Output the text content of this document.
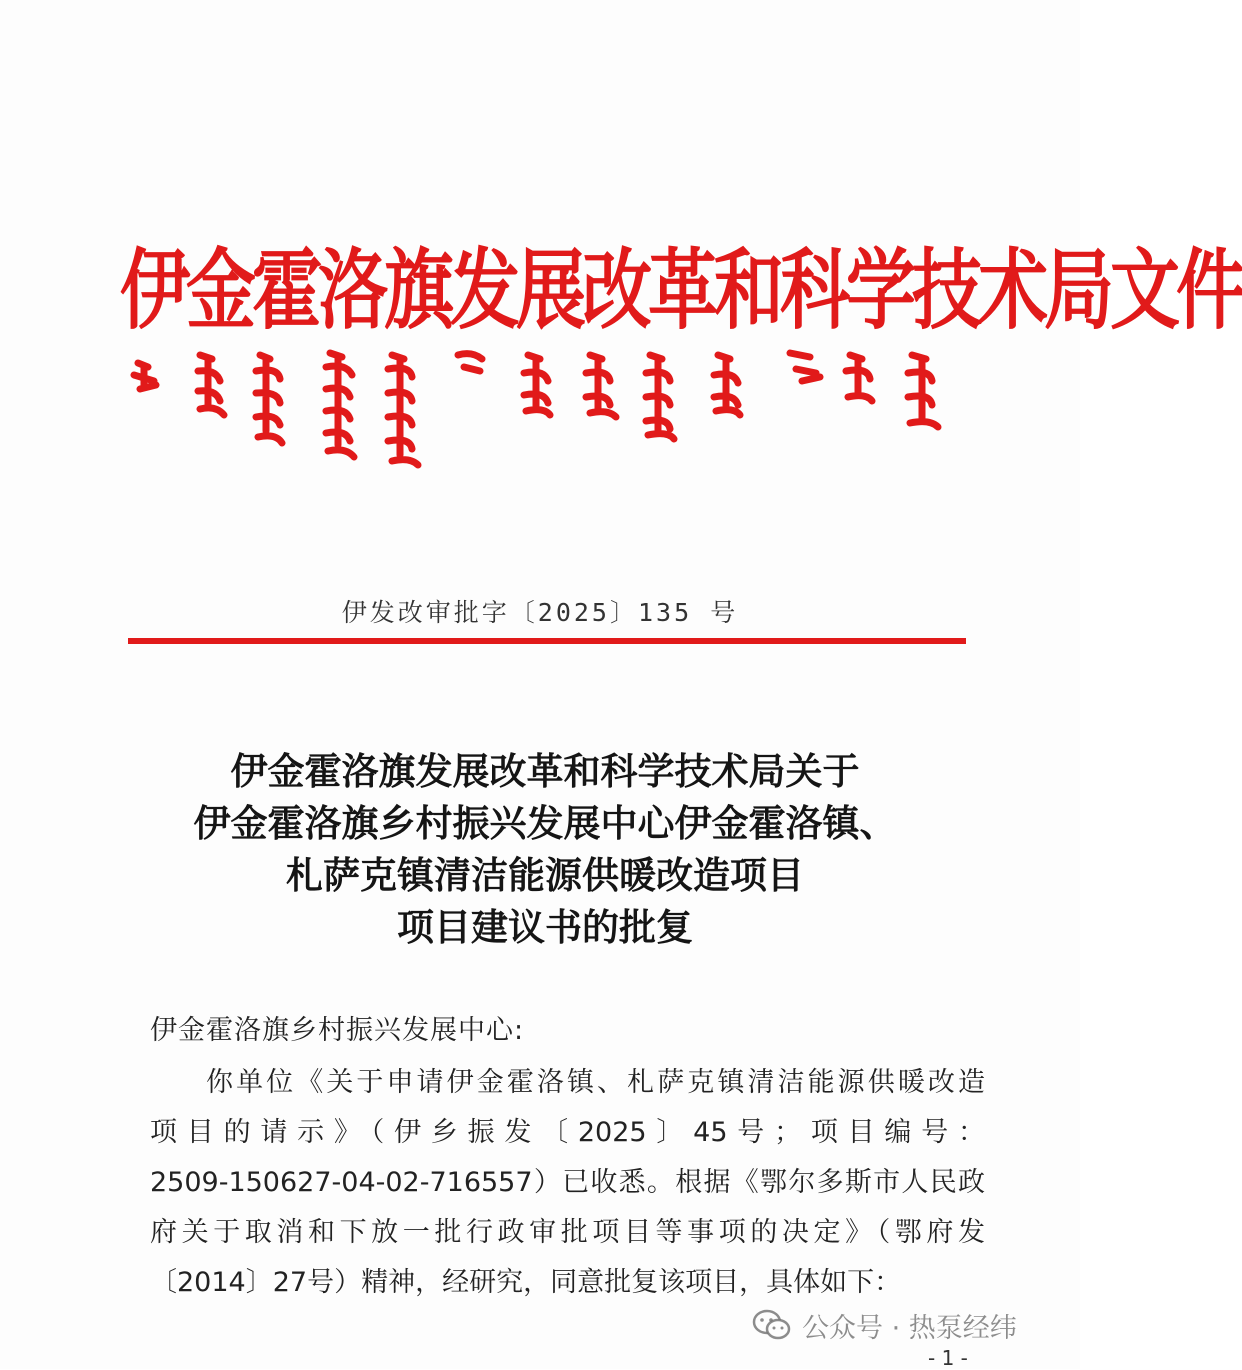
伊金霍洛旗发展改革和科学技术局文件
伊发改审批字〔2025〕135 号
伊金霍洛旗发展改革和科学技术局关于
伊金霍洛旗乡村振兴发展中心伊金霍洛镇、
札萨克镇清洁能源供暖改造项目
项目建议书的批复
伊金霍洛旗乡村振兴发展中心:
你单位《关于申请伊金霍洛镇、札萨克镇清洁能源供暖改造
项目的请示》（伊乡振发〔2025〕45号；项目编号：
2509-150627-04-02-716557）已收悉。根据《鄂尔多斯市人民政
府关于取消和下放一批行政审批项目等事项的决定》（鄂府发
〔2014〕27号）精神，经研究，同意批复该项目，具体如下：
公众号 · 热泵经纬
- 1 -
